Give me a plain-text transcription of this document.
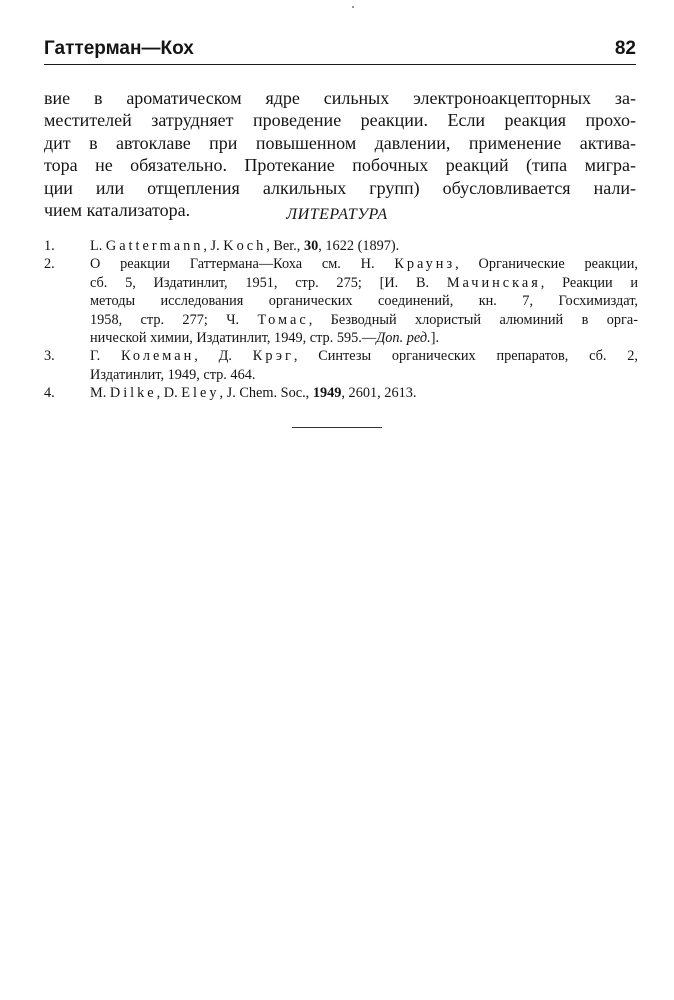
Гаттерман—Кох	82
вие в ароматическом ядре сильных электроноакцепторных за-
местителей затрудняет проведение реакции. Если реакция прохо-
дит в автоклаве при повышенном давлении, применение актива-
тора не обязательно. Протекание побочных реакций (типа мигра-
ции или отщепления алкильных групп) обусловливается нали-
чием катализатора.	ЛИТЕРАТУРА
1.	L. Gattermann, J. Koch, Ber., 30, 1622 (1897).
2.	О реакции Гаттермана—Коха см. Н. Краунз, Органические реакции,
сб. 5, Издатинлит, 1951, стр. 275; [И. В. Мачинская, Реакции и
методы исследования органических соединений, кн. 7, Госхимиздат,
1958, стр. 277; Ч. Томас, Безводный хлористый алюминий в орга-
нической химии, Издатинлит, 1949, стр. 595.—Доп. ред.].
3.	Г. Колеман, Д. Крэг, Синтезы органических препаратов, сб. 2,
Издатинлит, 1949, стр. 464.
4.	M. Dilke, D. Eley, J. Chem. Soc., 1949, 2601, 2613.
